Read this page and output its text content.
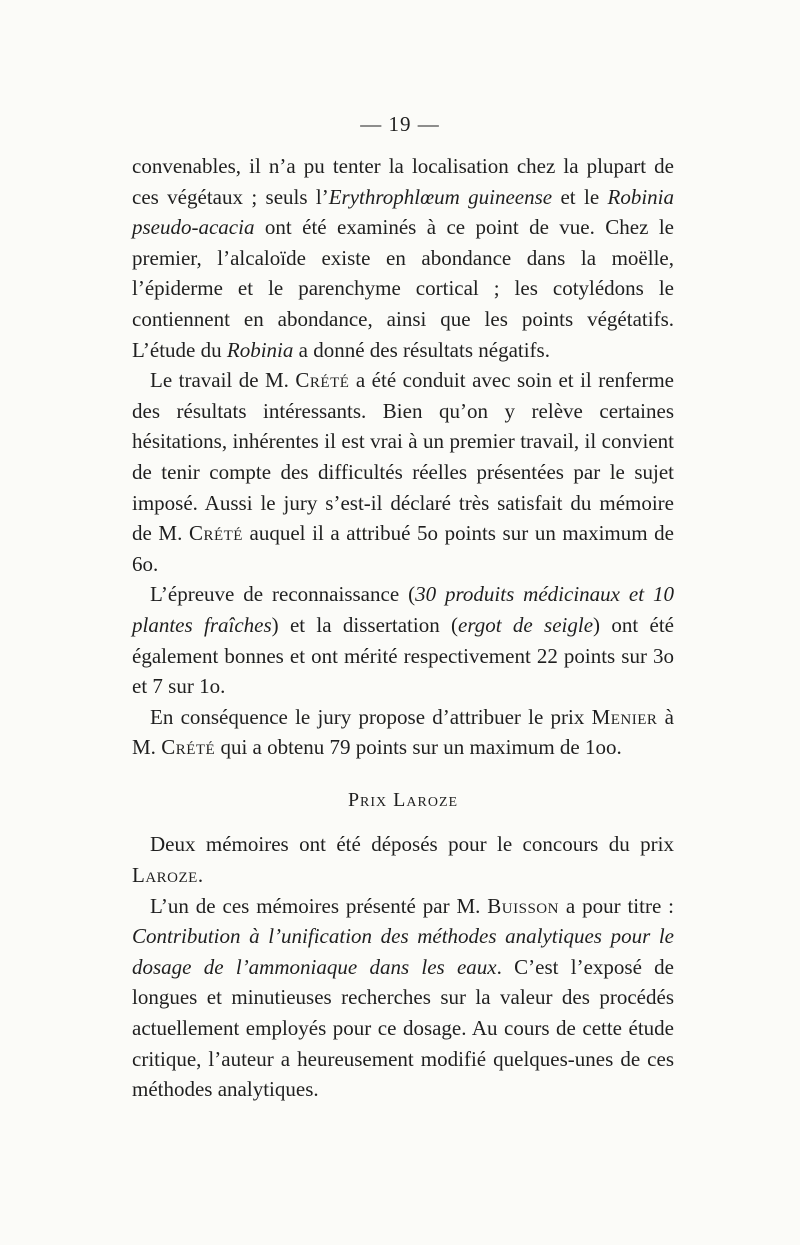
— 19 —

convenables, il n’a pu tenter la localisation chez la plupart de ces végétaux ; seuls l’Erythrophlœum guineense et le Robinia pseudo-acacia ont été examinés à ce point de vue. Chez le premier, l’alcaloïde existe en abondance dans la moëlle, l’épiderme et le parenchyme cortical ; les cotylédons le contiennent en abondance, ainsi que les points végétatifs. L’étude du Robinia a donné des résultats négatifs.

Le travail de M. Crété a été conduit avec soin et il renferme des résultats intéressants. Bien qu’on y relève certaines hésitations, inhérentes il est vrai à un premier travail, il convient de tenir compte des difficultés réelles présentées par le sujet imposé. Aussi le jury s’est-il déclaré très satisfait du mémoire de M. Crété auquel il a attribué 5o points sur un maximum de 6o.

L’épreuve de reconnaissance (30 produits médicinaux et 10 plantes fraîches) et la dissertation (ergot de seigle) ont été également bonnes et ont mérité respectivement 22 points sur 3o et 7 sur 1o.

En conséquence le jury propose d’attribuer le prix Menier à M. Crété qui a obtenu 79 points sur un maximum de 1oo.

Prix Laroze

Deux mémoires ont été déposés pour le concours du prix Laroze.

L’un de ces mémoires présenté par M. Buisson a pour titre : Contribution à l’unification des méthodes analytiques pour le dosage de l’ammoniaque dans les eaux. C’est l’exposé de longues et minutieuses recherches sur la valeur des procédés actuellement employés pour ce dosage. Au cours de cette étude critique, l’auteur a heureusement modifié quelques-unes de ces méthodes analytiques.
